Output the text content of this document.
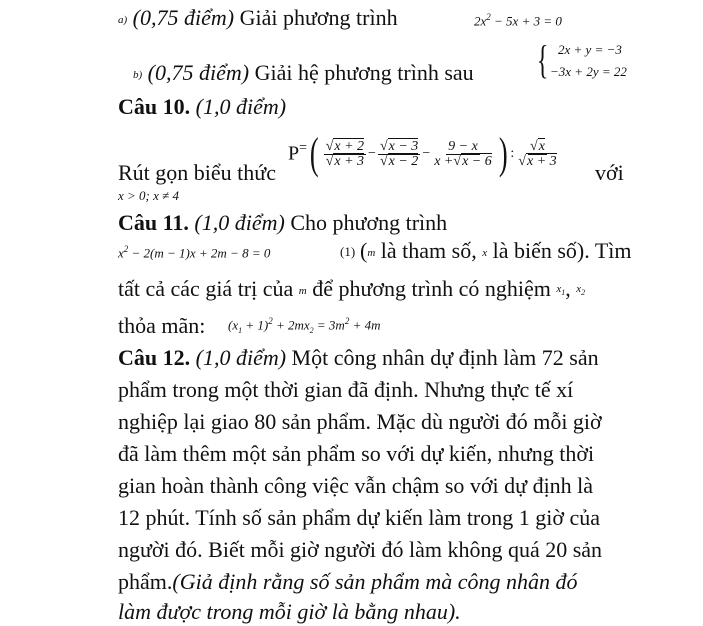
a) (0,75 điểm) Giải phương trình	$2x^2 - 5x + 3 = 0$
b) (0,75 điểm) Giải hệ phương trình sau { 2x + y = −3
−3x + 2y = 22
Câu 10. (1,0 điểm)
Rút gọn biểu thức
$P=( \frac{√x + 2}{√x + 3} - \frac{√x - 3}{√x - 2} - \frac{9 - x}{x +√x - 6}$ ) : $\frac{√x}{√x + 3}$
với
x > 0; x ≠ 4
Câu 11. (1,0 điểm) Cho phương trình
$x^2 - 2(m - 1)x + 2m - 8 = 0$	(1) (m là tham số, x là biến số). Tìm
tất cả các giá trị của m để phương trình có nghiệm $x_1$, $x_2$
thỏa mãn: $(x_1 + 1)^2 + 2mx_2 = 3m^2 + 4m$
Câu 12. (1,0 điểm) Một công nhân dự định làm 72 sản
phẩm trong một thời gian đã định. Nhưng thực tế xí
nghiệp lại giao 80 sản phẩm. Mặc dù người đó mỗi giờ
đã làm thêm một sản phẩm so với dự kiến, nhưng thời
gian hoàn thành công việc vẫn chậm so với dự định là
12 phút. Tính số sản phẩm dự kiến làm trong 1 giờ của
người đó. Biết mỗi giờ người đó làm không quá 20 sản
phẩm.(Giả định rằng số sản phẩm mà công nhân đó
làm được trong mỗi giờ là bằng nhau).
